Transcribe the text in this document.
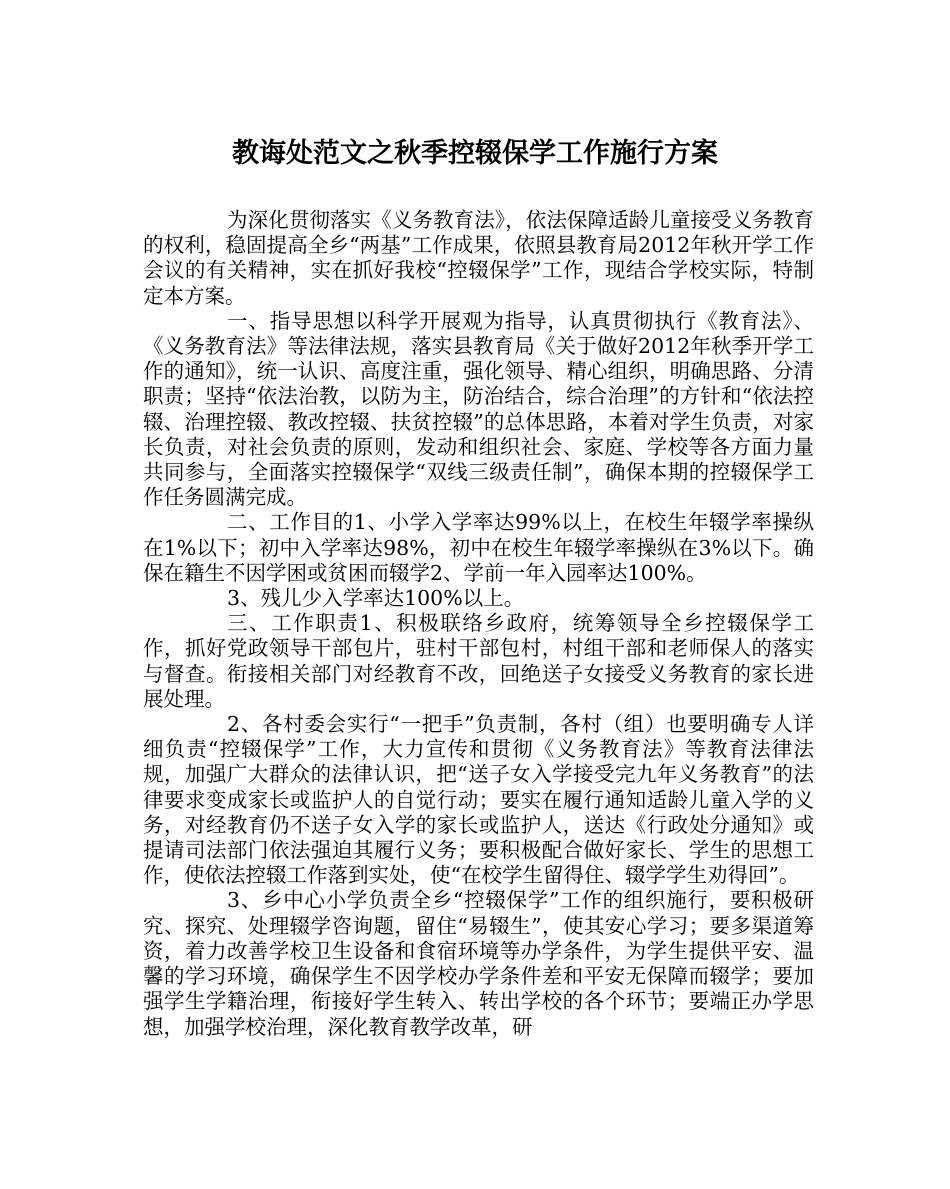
教诲处范文之秋季控辍保学工作施行方案

为深化贯彻落实《义务教育法》，依法保障适龄儿童接受义务教育的权利，稳固提高全乡“两基”工作成果，依照县教育局2012年秋开学工作会议的有关精神，实在抓好我校“控辍保学”工作，现结合学校实际，特制定本方案。

一、指导思想以科学开展观为指导，认真贯彻执行《教育法》、《义务教育法》等法律法规，落实县教育局《关于做好2012年秋季开学工作的通知》，统一认识、高度注重，强化领导、精心组织，明确思路、分清职责；坚持“依法治教，以防为主，防治结合，综合治理”的方针和“依法控辍、治理控辍、教改控辍、扶贫控辍”的总体思路，本着对学生负责，对家长负责，对社会负责的原则，发动和组织社会、家庭、学校等各方面力量共同参与，全面落实控辍保学“双线三级责任制”，确保本期的控辍保学工作任务圆满完成。

二、工作目的1、小学入学率达99%以上，在校生年辍学率操纵在1%以下；初中入学率达98%，初中在校生年辍学率操纵在3%以下。确保在籍生不因学困或贫困而辍学2、学前一年入园率达100%。

3、残儿少入学率达100%以上。

三、工作职责1、积极联络乡政府，统筹领导全乡控辍保学工作，抓好党政领导干部包片，驻村干部包村，村组干部和老师保人的落实与督查。衔接相关部门对经教育不改，回绝送子女接受义务教育的家长进展处理。

2、各村委会实行“一把手”负责制，各村（组）也要明确专人详细负责“控辍保学”工作，大力宣传和贯彻《义务教育法》等教育法律法规，加强广大群众的法律认识，把“送子女入学接受完九年义务教育”的法律要求变成家长或监护人的自觉行动；要实在履行通知适龄儿童入学的义务，对经教育仍不送子女入学的家长或监护人，送达《行政处分通知》或提请司法部门依法强迫其履行义务；要积极配合做好家长、学生的思想工作，使依法控辍工作落到实处，使“在校学生留得住、辍学学生劝得回”。

3、乡中心小学负责全乡“控辍保学”工作的组织施行，要积极研究、探究、处理辍学咨询题，留住“易辍生”，使其安心学习；要多渠道筹资，着力改善学校卫生设备和食宿环境等办学条件，为学生提供平安、温馨的学习环境，确保学生不因学校办学条件差和平安无保障而辍学；要加强学生学籍治理，衔接好学生转入、转出学校的各个环节；要端正办学思想，加强学校治理，深化教育教学改革，研
